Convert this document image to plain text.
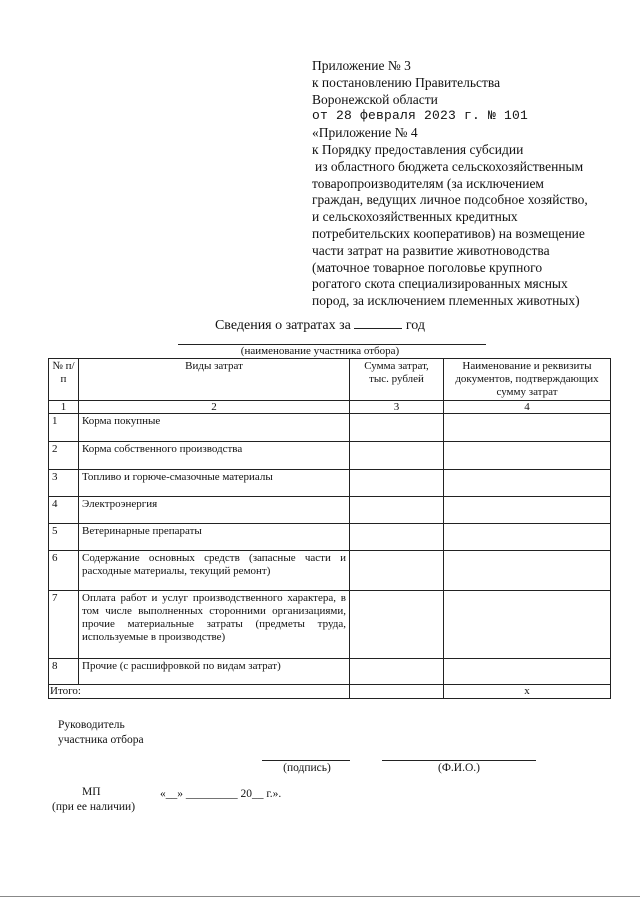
Приложение № 3
к постановлению Правительства
Воронежской области
от 28 февраля 2023 г. № 101
«Приложение № 4
к Порядку предоставления субсидии
из областного бюджета сельскохозяйственным
товаропроизводителям (за исключением
граждан, ведущих личное подсобное хозяйство,
и сельскохозяйственных кредитных
потребительских кооперативов) на возмещение
части затрат на развитие животноводства
(маточное товарное поголовье крупного
рогатого скота специализированных мясных
пород, за исключением племенных животных)
Сведения о затратах за	год
(наименование участника отбора)
№ п/п	Виды затрат	Сумма затрат, тыс. рублей	Наименование и реквизиты документов, подтверждающих сумму затрат
1	2	3	4
1	Корма покупные		
2	Корма собственного производства		
3	Топливо и горюче-смазочные материалы		
4	Электроэнергия		
5	Ветеринарные препараты		
6	Содержание основных средств (запасные части и расходные материалы, текущий ремонт)		
7	Оплата работ и услуг производственного характера, в том числе выполненных сторонними организациями, прочие материальные затраты (предметы труда, используемые в производстве)		
8	Прочие (с расшифровкой по видам затрат)		
Итого:			х
Руководитель
участника отбора
(подпись)	(Ф.И.О.)
МП
(при ее наличии)
«__» _________ 20__ г.».
